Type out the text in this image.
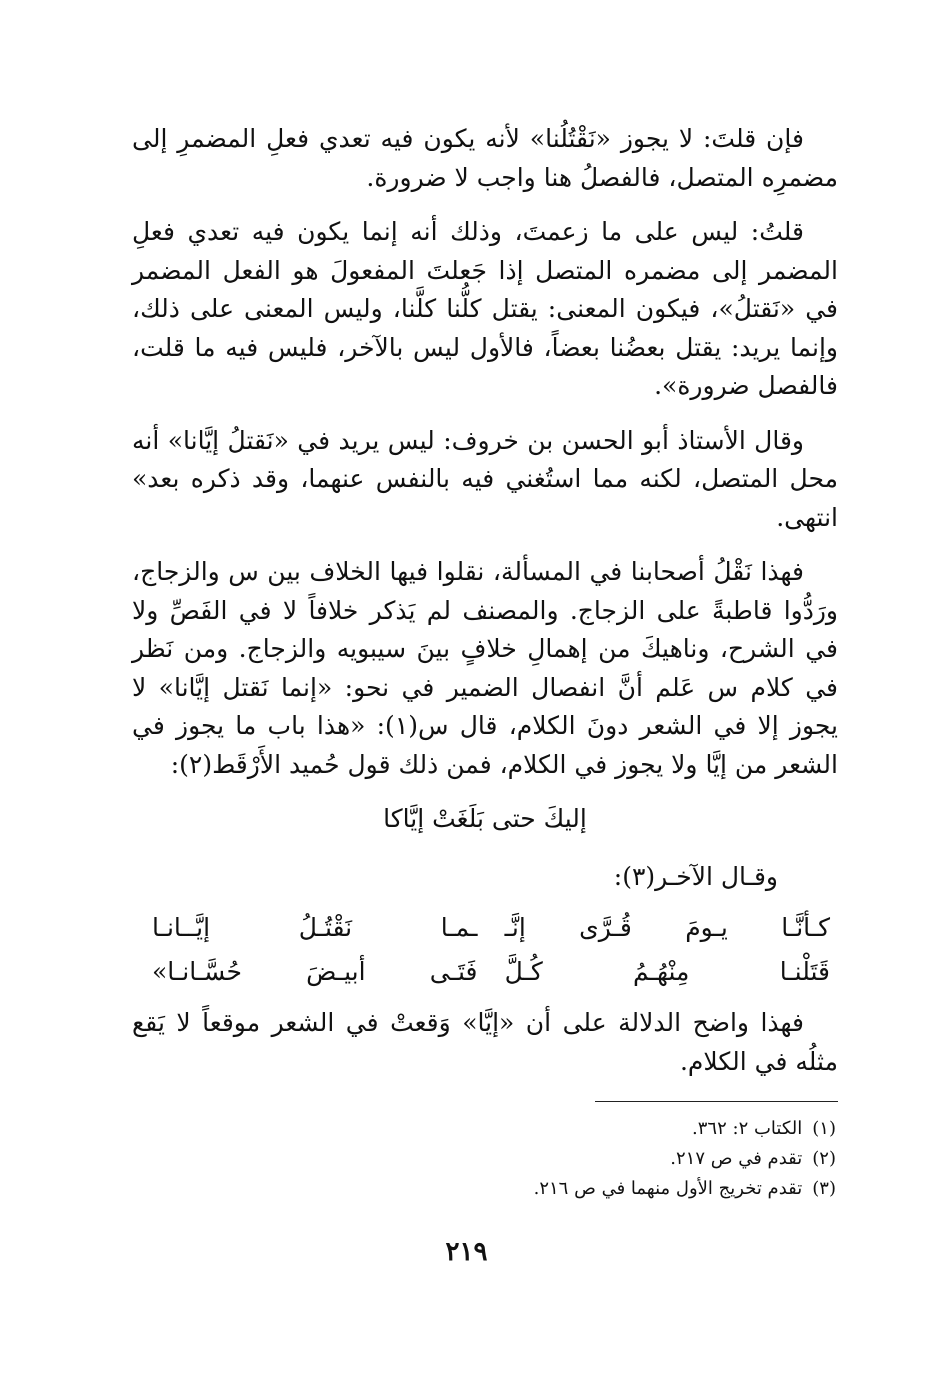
فإن قلتَ: لا يجوز «نَقْتُلُنا» لأنه يكون فيه تعدي فعلِ المضمرِ إلى مضمرِه المتصل، فالفصلُ هنا واجب لا ضرورة.

قلتُ: ليس على ما زعمتَ، وذلك أنه إنما يكون فيه تعدي فعلِ المضمر إلى مضمره المتصل إذا جَعلتَ المفعولَ هو الفعل المضمر في «نَقتلُ»، فيكون المعنى: يقتل كلُّنا كلَّنا، وليس المعنى على ذلك، وإنما يريد: يقتل بعضُنا بعضاً، فالأول ليس بالآخر، فليس فيه ما قلت، فالفصل ضرورة».

وقال الأستاذ أبو الحسن بن خروف: ليس يريد في «نَقتلُ إيَّانا» أنه محل المتصل، لكنه مما استُغني فيه بالنفس عنهما، وقد ذكره بعد» انتهى.

فهذا نَقْلُ أصحابنا في المسألة، نقلوا فيها الخلاف بين س والزجاج، ورَدُّوا قاطبةً على الزجاج. والمصنف لم يَذكر خلافاً لا في الفَصِّ ولا في الشرح، وناهيكَ من إهمالِ خلافٍ بينَ سيبويه والزجاج. ومن نَظر في كلام س عَلم أنَّ انفصال الضمير في نحو: «إنما نَقتل إيَّانا» لا يجوز إلا في الشعر دونَ الكلام، قال س(١): «هذا باب ما يجوز في الشعر من إيَّا ولا يجوز في الكلام، فمن ذلك قول حُميد الأَرْقَط(٢):

إليكَ حتى بَلَغَتْ إيَّاكا
وقـال الآخـر(٣):
كـأنَّـا يـومَ قُـرَّى إنَّـ
ـمـا نَقْتُـلُ إيَّــانـا
قَتَلْنـا مِنْهُـمُ كُـلَّ
فَتَـى أبيـضَ حُسَّـانـا»

فهذا واضح الدلالة على أن «إيَّا» وَقعتْ في الشعر موقعاً لا يَقع مثلُه في الكلام.

(١)الكتاب ٢: ٣٦٢.

(٢)تقدم في ص ٢١٧.

(٣)تقدم تخريج الأول منهما في ص ٢١٦.

٢١٩
